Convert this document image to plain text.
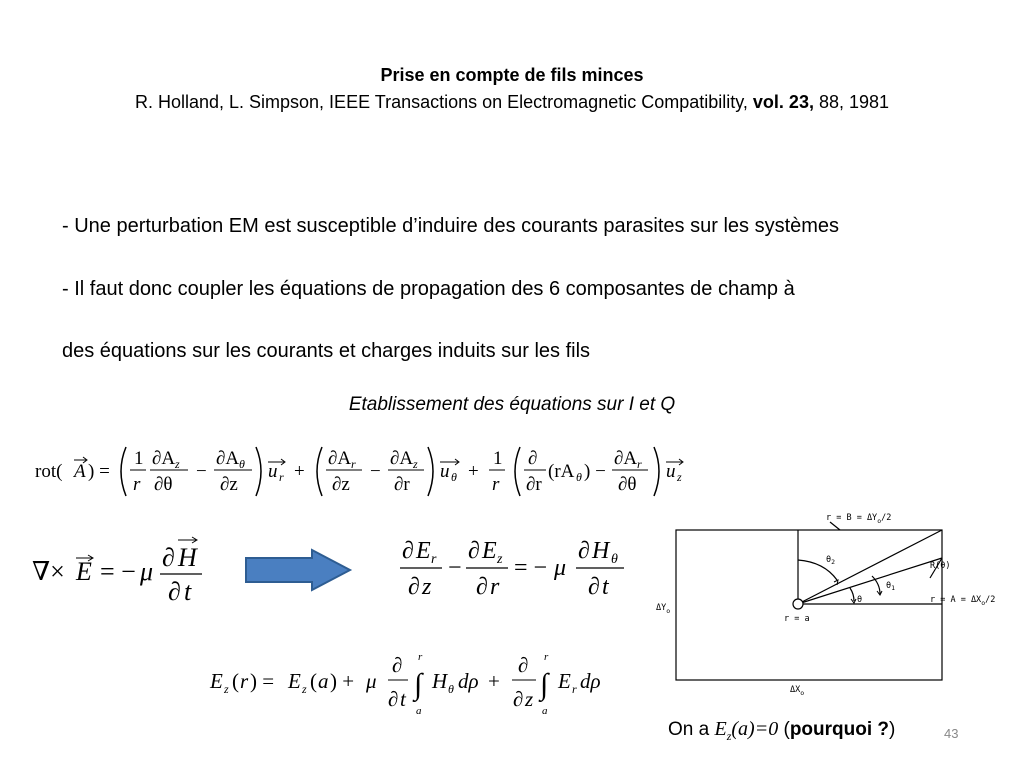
Prise en compte de fils minces
R. Holland, L. Simpson, IEEE Transactions on Electromagnetic Compatibility, vol. 23, 88, 1981
- Une perturbation EM est susceptible d’induire des courants parasites sur les systèmes
- Il faut donc coupler les équations de propagation des 6 composantes de champ à
des équations sur les courants et charges induits sur les fils
Etablissement des équations sur I et Q
rot( A ) =
1
r
∂A z
∂θ
−
∂A θ
∂z
u r +
∂A r
∂z
−
∂A z
∂r
u θ +
1
r
∂
∂r
(rA θ ) −
∂A r
∂θ
u z
∇× E = − μ ∂ H
∂ t
∂ E r
∂ z
−
∂ E z
∂ r
= − μ
∂ H θ
∂ t
E z ( r ) = E z ( a ) + μ
∂
∂ t ∫
r
a
H θ dρ +
∂
∂ z ∫
r
a
E r dρ
$r = B = \Delta Y_o/2$
$r = A = \Delta X_o/2$
R(θ)
$\theta_2$
$\theta_1$
θ
r = a
$\Delta Y_o$
$\Delta X_o$
On a $E_z(a)=0$ (pourquoi ?)	43
